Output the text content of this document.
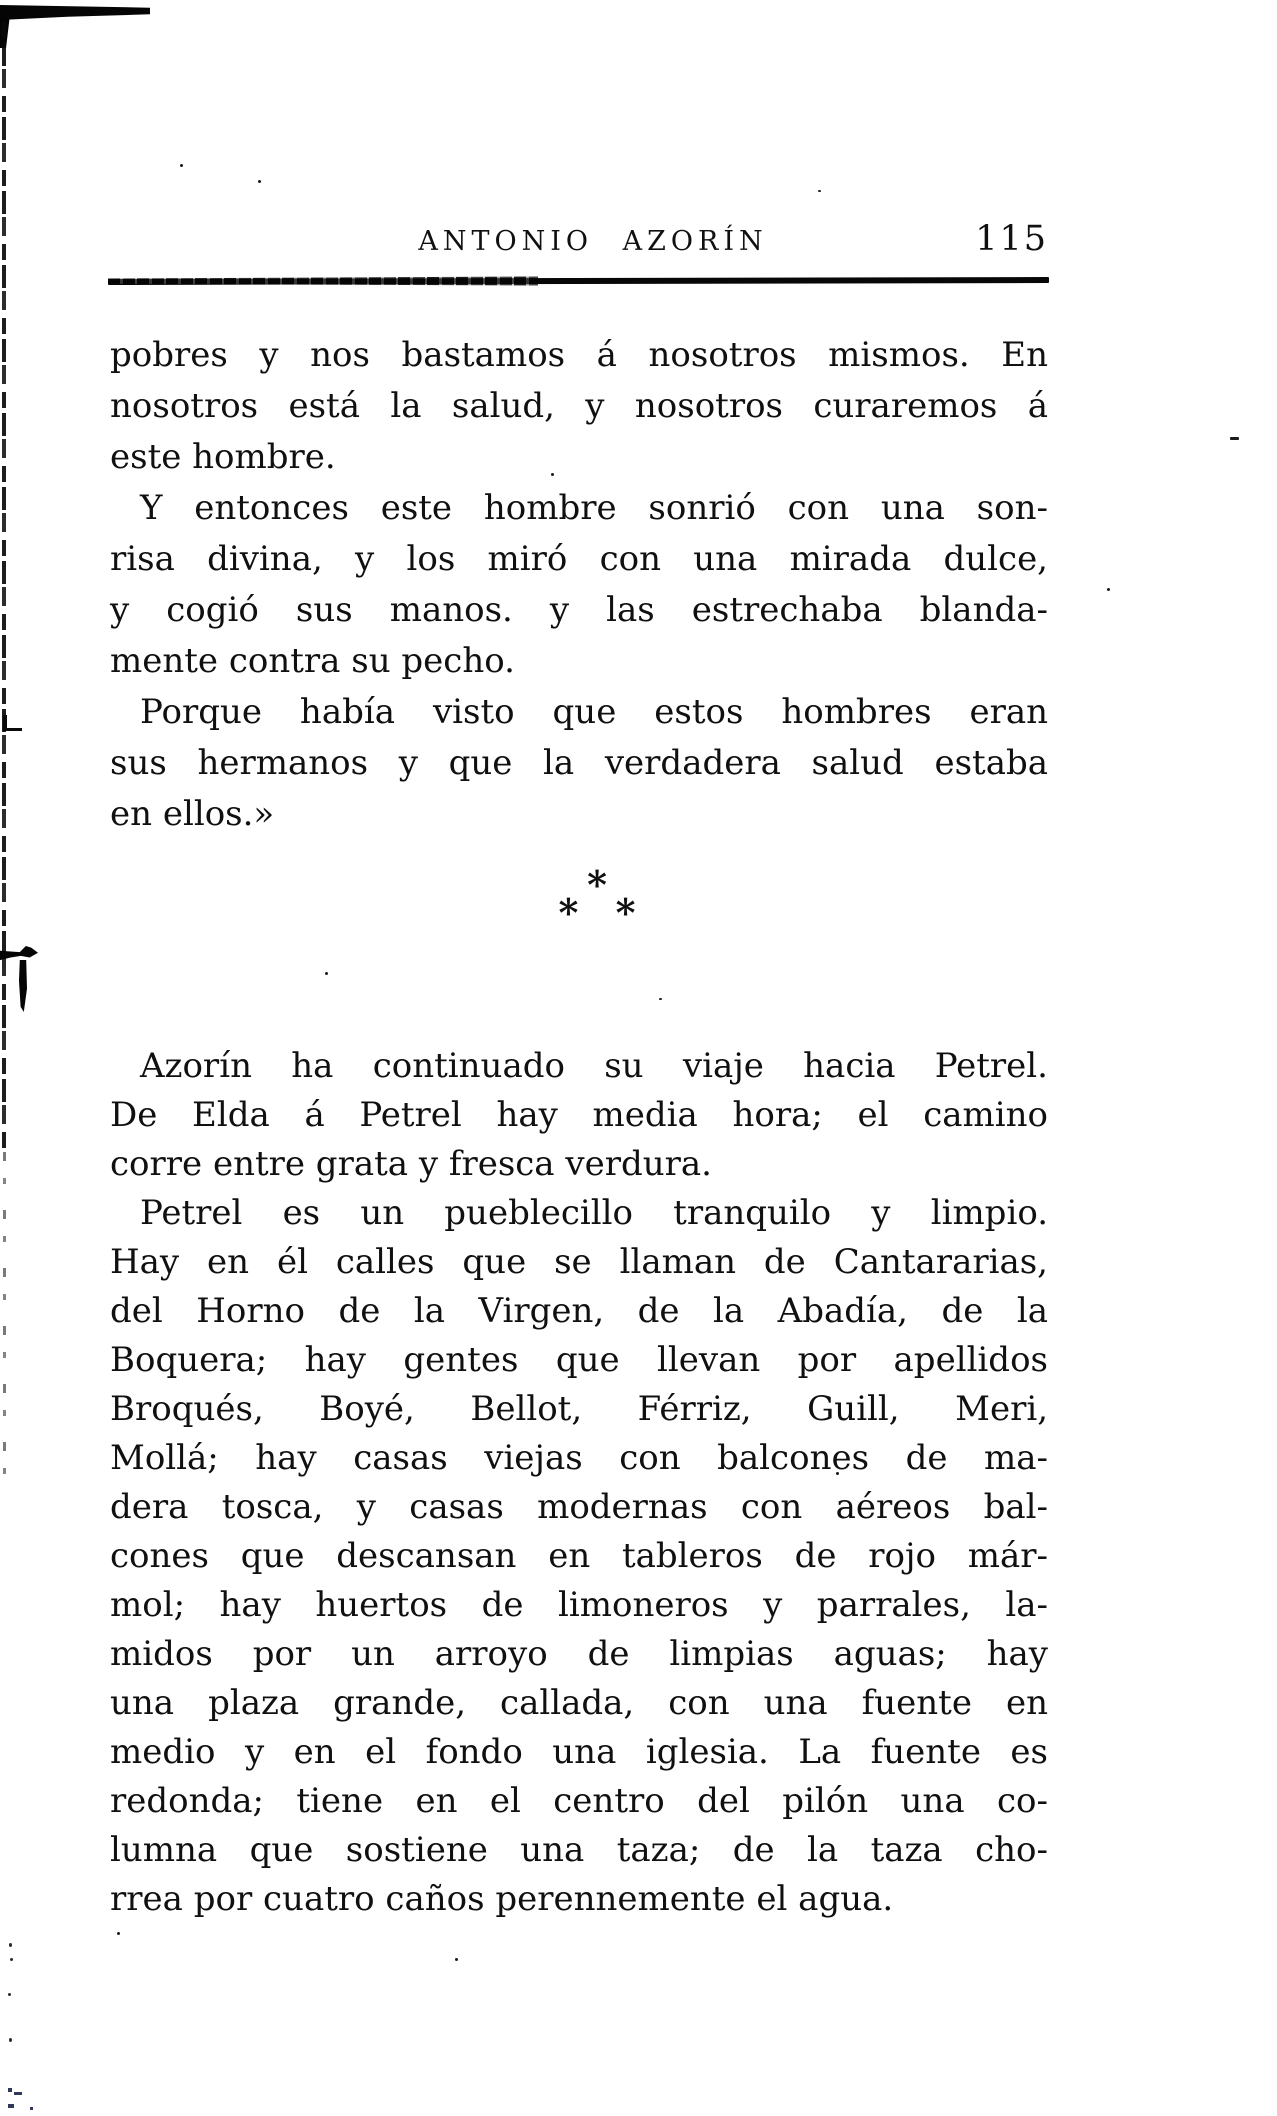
ANTONIO AZORÍN	115
pobres y nos bastamos á nosotros mismos. En
nosotros está la salud, y nosotros curaremos á
este hombre.
Y entonces este hombre sonrió con una son-
risa divina, y los miró con una mirada dulce,
y cogió sus manos. y las estrechaba blanda-
mente contra su pecho.
Porque había visto que estos hombres eran
sus hermanos y que la verdadera salud estaba
en ellos.»
*
* *
Azorín ha continuado su viaje hacia Petrel.
De Elda á Petrel hay media hora; el camino
corre entre grata y fresca verdura.
Petrel es un pueblecillo tranquilo y limpio.
Hay en él calles que se llaman de Cantararias,
del Horno de la Virgen, de la Abadía, de la
Boquera; hay gentes que llevan por apellidos
Broqués, Boyé, Bellot, Férriz, Guill, Meri,
Mollá; hay casas viejas con balcones de ma-
dera tosca, y casas modernas con aéreos bal-
cones que descansan en tableros de rojo már-
mol; hay huertos de limoneros y parrales, la-
midos por un arroyo de limpias aguas; hay
una plaza grande, callada, con una fuente en
medio y en el fondo una iglesia. La fuente es
redonda; tiene en el centro del pilón una co-
lumna que sostiene una taza; de la taza cho-
rrea por cuatro caños perennemente el agua.
